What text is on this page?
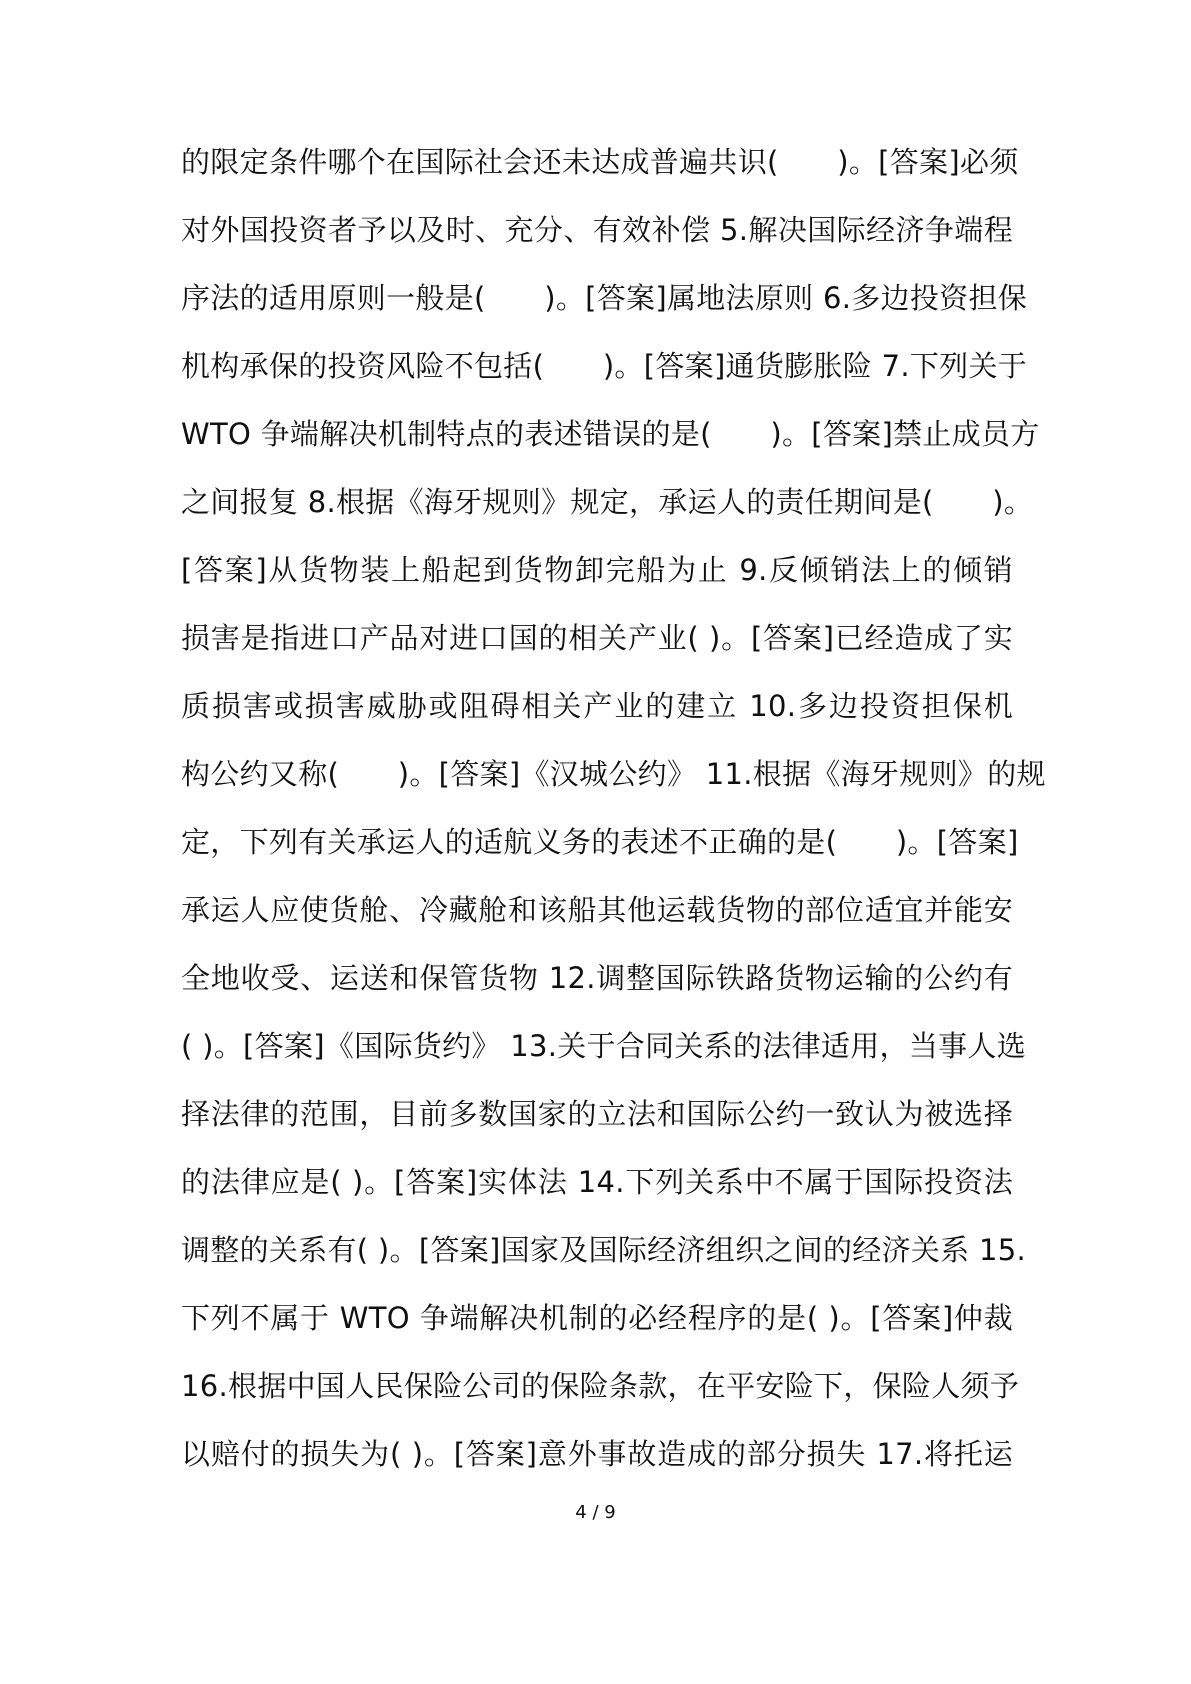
的限定条件哪个在国际社会还未达成普遍共识(　　)。[答案]必须
对外国投资者予以及时、充分、有效补偿 5.解决国际经济争端程
序法的适用原则一般是(　　)。[答案]属地法原则 6.多边投资担保
机构承保的投资风险不包括(　　)。[答案]通货膨胀险 7.下列关于
WTO 争端解决机制特点的表述错误的是(　　)。[答案]禁止成员方
之间报复 8.根据《海牙规则》规定，承运人的责任期间是(　　)。
[答案]从货物装上船起到货物卸完船为止 9.反倾销法上的倾销
损害是指进口产品对进口国的相关产业( )。[答案]已经造成了实
质损害或损害威胁或阻碍相关产业的建立 10.多边投资担保机
构公约又称(　　)。[答案]《汉城公约》 11.根据《海牙规则》的规
定，下列有关承运人的适航义务的表述不正确的是(　　)。[答案]
承运人应使货舱、冷藏舱和该船其他运载货物的部位适宜并能安
全地收受、运送和保管货物 12.调整国际铁路货物运输的公约有
( )。[答案]《国际货约》 13.关于合同关系的法律适用，当事人选
择法律的范围，目前多数国家的立法和国际公约一致认为被选择
的法律应是( )。[答案]实体法 14.下列关系中不属于国际投资法
调整的关系有( )。[答案]国家及国际经济组织之间的经济关系 15.
下列不属于 WTO 争端解决机制的必经程序的是( )。[答案]仲裁
16.根据中国人民保险公司的保险条款，在平安险下，保险人须予
以赔付的损失为( )。[答案]意外事故造成的部分损失 17.将托运
4 / 9
